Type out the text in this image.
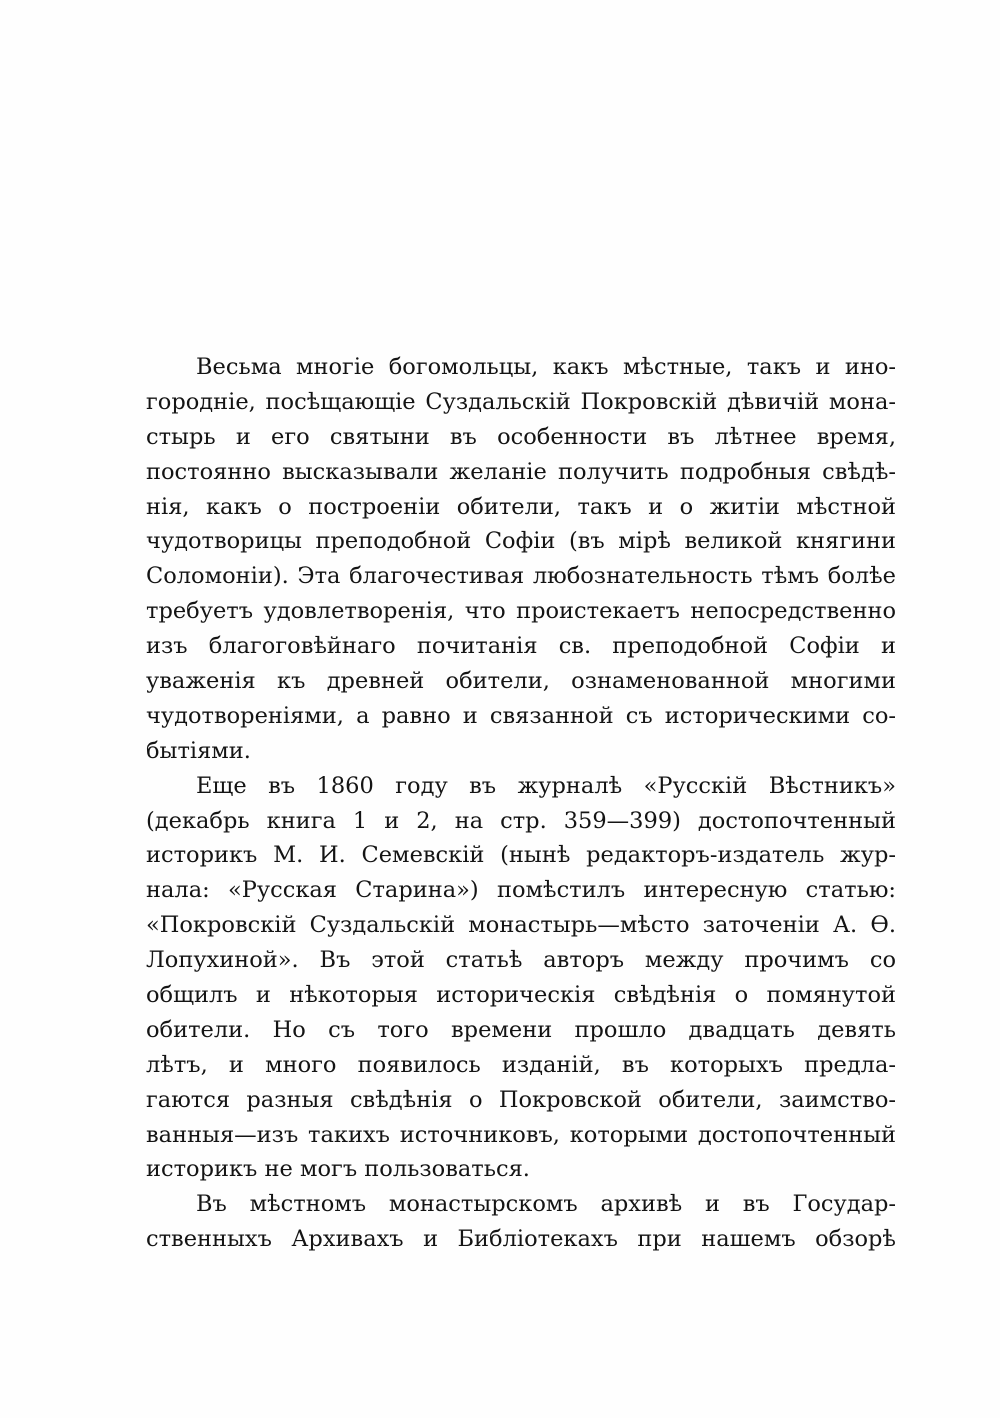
Весьма многiе богомольцы, какъ мѣстные, такъ и ино-
городнiе, посѣщающiе Суздальскiй Покровскiй дѣвичiй мона-
стырь и его святыни въ особенности въ лѣтнее время,
постоянно высказывали желанiе получить подробныя свѣдѣ-
нiя, какъ о построенiи обители, такъ и о житiи мѣстной
чудотворицы преподобной Софiи (въ мiрѣ великой княгини
Соломонiи). Эта благочестивая любознательность тѣмъ болѣе
требуетъ удовлетворенiя, что проистекаетъ непосредственно
изъ благоговѣйнаго почитанiя св. преподобной Софiи и
уваженiя къ древней обители, ознаменованной многими
чудотворенiями, а равно и связанной съ историческими со-
бытiями.
Еще въ 1860 году въ журналѣ «Русскiй Вѣстникъ»
(декабрь книга 1 и 2, на стр. 359—399) достопочтенный
историкъ М. И. Семевскiй (нынѣ редакторъ-издатель жур-
нала: «Русская Старина») помѣстилъ интересную статью:
«Покровскiй Суздальскiй монастырь—мѣсто заточенiи А. Ѳ.
Лопухиной». Въ этой статьѣ авторъ между прочимъ со
общилъ и нѣкоторыя историческiя свѣдѣнiя о помянутой
обители. Но съ того времени прошло двадцать девять
лѣтъ, и много появилось изданiй, въ которыхъ предла-
гаются разныя свѣдѣнiя о Покровской обители, заимство-
ванныя—изъ такихъ источниковъ, которыми достопочтенный
историкъ не могъ пользоваться.
Въ мѣстномъ монастырскомъ архивѣ и въ Государ-
ственныхъ Архивахъ и Библiотекахъ при нашемъ обзорѣ
